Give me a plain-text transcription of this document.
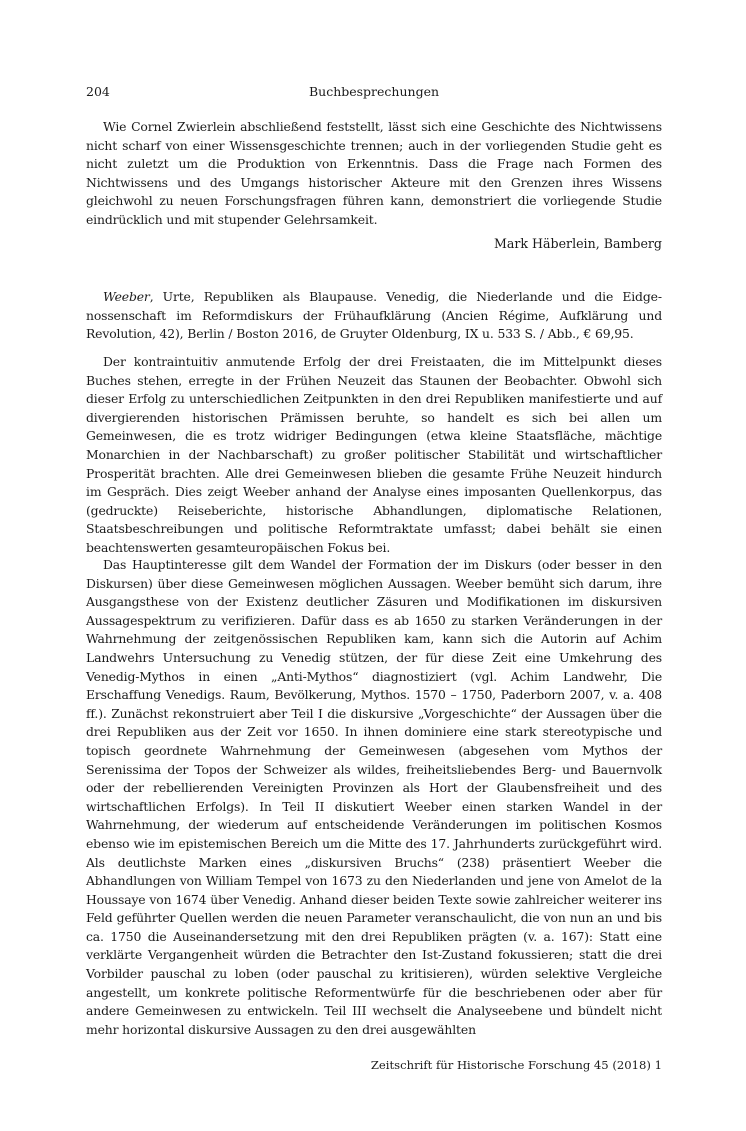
204	Buchbesprechungen

Wie Cornel Zwierlein abschließend feststellt, lässt sich eine Geschichte des Nichtwissens nicht scharf von einer Wissensgeschichte trennen; auch in der vorliegenden Studie geht es nicht zuletzt um die Produktion von Erkenntnis. Dass die Frage nach Formen des Nichtwissens und des Umgangs historischer Akteure mit den Grenzen ihres Wissens gleichwohl zu neuen Forschungsfragen führen kann, demonstriert die vorliegende Studie eindrücklich und mit stupender Gelehrsamkeit.

Mark Häberlein, Bamberg

Weeber, Urte, Republiken als Blaupause. Venedig, die Niederlande und die Eidgenossenschaft im Reformdiskurs der Frühaufklärung (Ancien Régime, Aufklärung und Revolution, 42), Berlin / Boston 2016, de Gruyter Oldenburg, IX u. 533 S. / Abb., € 69,95.

Der kontraintuitiv anmutende Erfolg der drei Freistaaten, die im Mittelpunkt dieses Buches stehen, erregte in der Frühen Neuzeit das Staunen der Beobachter. Obwohl sich dieser Erfolg zu unterschiedlichen Zeitpunkten in den drei Republiken manifestierte und auf divergierenden historischen Prämissen beruhte, so handelt es sich bei allen um Gemeinwesen, die es trotz widriger Bedingungen (etwa kleine Staatsfläche, mächtige Monarchien in der Nachbarschaft) zu großer politischer Stabilität und wirtschaftlicher Prosperität brachten. Alle drei Gemeinwesen blieben die gesamte Frühe Neuzeit hindurch im Gespräch. Dies zeigt Weeber anhand der Analyse eines imposanten Quellenkorpus, das (gedruckte) Reiseberichte, historische Abhandlungen, diplomatische Relationen, Staatsbeschreibungen und politische Reformtraktate umfasst; dabei behält sie einen beachtenswerten gesamteuropäischen Fokus bei.

Das Hauptinteresse gilt dem Wandel der Formation der im Diskurs (oder besser in den Diskursen) über diese Gemeinwesen möglichen Aussagen. Weeber bemüht sich darum, ihre Ausgangsthese von der Existenz deutlicher Zäsuren und Modifikationen im diskursiven Aussagespektrum zu verifizieren. Dafür dass es ab 1650 zu starken Veränderungen in der Wahrnehmung der zeitgenössischen Republiken kam, kann sich die Autorin auf Achim Landwehrs Untersuchung zu Venedig stützen, der für diese Zeit eine Umkehrung des Venedig-Mythos in einen „Anti-Mythos“ diagnostiziert (vgl. Achim Landwehr, Die Erschaffung Venedigs. Raum, Bevölkerung, Mythos. 1570 – 1750, Paderborn 2007, v. a. 408 ff.). Zunächst rekonstruiert aber Teil I die diskursive „Vorgeschichte“ der Aussagen über die drei Republiken aus der Zeit vor 1650. In ihnen dominiere eine stark stereotypische und topisch geordnete Wahrnehmung der Gemeinwesen (abgesehen vom Mythos der Serenissima der Topos der Schweizer als wildes, freiheitsliebendes Berg- und Bauernvolk oder der rebellierenden Vereinigten Provinzen als Hort der Glaubensfreiheit und des wirtschaftlichen Erfolgs). In Teil II diskutiert Weeber einen starken Wandel in der Wahrnehmung, der wiederum auf entscheidende Veränderungen im politischen Kosmos ebenso wie im epistemischen Bereich um die Mitte des 17. Jahrhunderts zurückgeführt wird. Als deutlichste Marken eines „diskursiven Bruchs“ (238) präsentiert Weeber die Abhandlungen von William Tempel von 1673 zu den Niederlanden und jene von Amelot de la Houssaye von 1674 über Venedig. Anhand dieser beiden Texte sowie zahlreicher weiterer ins Feld geführter Quellen werden die neuen Parameter veranschaulicht, die von nun an und bis ca. 1750 die Auseinandersetzung mit den drei Republiken prägten (v. a. 167): Statt eine verklärte Vergangenheit würden die Betrachter den Ist-Zustand fokussieren; statt die drei Vorbilder pauschal zu loben (oder pauschal zu kritisieren), würden selektive Vergleiche angestellt, um konkrete politische Reformentwürfe für die beschriebenen oder aber für andere Gemeinwesen zu entwickeln. Teil III wechselt die Analyseebene und bündelt nicht mehr horizontal diskursive Aussagen zu den drei ausgewählten

Zeitschrift für Historische Forschung 45 (2018) 1
